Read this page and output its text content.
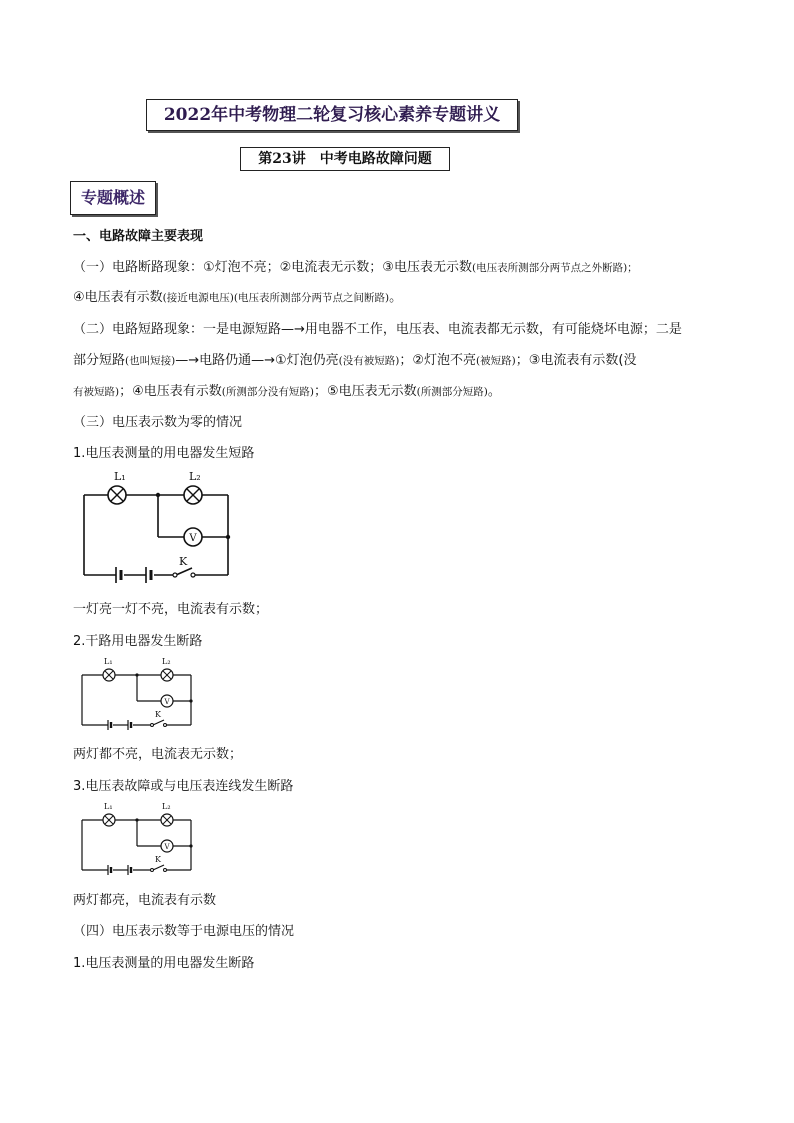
2022年中考物理二轮复习核心素养专题讲义
第23讲　中考电路故障问题
专题概述
一、电路故障主要表现
（一）电路断路现象：①灯泡不亮；②电流表无示数；③电压表无示数(电压表所测部分两节点之外断路)；
④电压表有示数(接近电源电压)(电压表所测部分两节点之间断路)。
（二）电路短路现象：一是电源短路—→用电器不工作，电压表、电流表都无示数，有可能烧坏电源；二是
部分短路(也叫短接)—→电路仍通—→①灯泡仍亮(没有被短路)；②灯泡不亮(被短路)；③电流表有示数(没
有被短路)；④电压表有示数(所测部分没有短路)；⑤电压表无示数(所测部分短路)。
（三）电压表示数为零的情况
1.电压表测量的用电器发生短路
V
L₁	L₂
K
一灯亮一灯不亮，电流表有示数；
2.干路用电器发生断路
V
L₁	L₂
K
两灯都不亮，电流表无示数；
3.电压表故障或与电压表连线发生断路
V
L₁	L₂
K
两灯都亮，电流表有示数
（四）电压表示数等于电源电压的情况
1.电压表测量的用电器发生断路
